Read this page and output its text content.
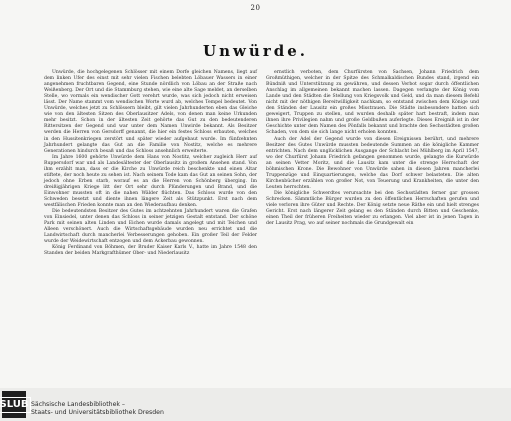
20
Unwürde.

Unwürde, die hochgelegenen Schlösser mit einem Dorfe gleichen Namens, liegt auf dem linken Ufer des einst mit sehr vielen Fischen belebten Löbauer Wassers in einer angenehmen fruchtbaren Gegend, eine Stunde nördlich von Löbau an der Straße nach Weißenberg. Der Ort und die Stammburg stehen, wie eine alte Sage meldet, an derselben Stelle, wo vormals ein wendischer Gott verehrt wurde, was sich jedoch nicht erweisen lässt. Der Name stammt vom wendischen Worte wurd ab, welches Tempel bedeutet. Von Unwürde, welches jetzt zu Schlössern bleibt, gilt vielen Jahrhunderten eben das Gleiche wie von den ältesten Sitzen des Oberlausitzer Adels, von denen man keine Urkunden mehr besitzt. Schon in der ältesten Zeit gehörte das Gut zu den bedeutenderen Rittersitzen der Gegend und war unter dem Namen Unwirde bekannt. Als Besitzer werden die Herren von Gersdorff genannt, die hier ein festes Schloss erbauten, welches in den Hussitenkriegen zerstört und später wieder aufgebaut wurde. Im fünfzehnten Jahrhundert gelangte das Gut an die Familie von Nostitz, welche es mehrere Generationen hindurch besaß und das Schloss ansehnlich erweiterte.

Im Jahre 1600 gehörte Unwürde dem Hans von Nostitz, welcher zugleich Herr auf Ruppersdorf war und als Landesältester der Oberlausitz in großem Ansehen stand. Von ihm erzählt man, dass er die Kirche zu Unwürde reich beschenkte und einen Altar stiftete, der noch heute zu sehen ist. Nach seinem Tode kam das Gut an seinen Sohn, der jedoch ohne Erben starb, worauf es an die Herren von Schönberg überging. Im dreißigjährigen Kriege litt der Ort sehr durch Plünderungen und Brand, und die Einwohner mussten oft in die nahen Wälder flüchten. Das Schloss wurde von den Schweden besetzt und diente ihnen längere Zeit als Stützpunkt. Erst nach dem westfälischen Frieden konnte man an den Wiederaufbau denken.

Die bedeutendsten Besitzer des Gutes im achtzehnten Jahrhundert waren die Grafen von Einsiedel, unter denen das Schloss in seiner jetzigen Gestalt entstand. Der schöne Park mit seinen alten Linden und Eichen wurde damals angelegt und mit Teichen und Alleen verschönert. Auch die Wirtschaftsgebäude wurden neu errichtet und die Landwirtschaft durch mancherlei Verbesserungen gehoben. Ein großer Teil der Felder wurde der Weidewirtschaft entzogen und dem Ackerbau gewonnen.

König Ferdinand von Böhmen, der Bruder Kaiser Karls V., hatte im Jahre 1548 den Standen der beiden Markgrafthümer Ober- und Niederlausitz

ernstlich verboten, dem Churfürsten von Sachsen, Johann Friedrich dem Großmüthigen, welcher in der Spitze des Schmalkaldischen Bundes stand, irgend ein Bündniß und Unterstützung zu gewähren, und dessen Verbot sogar durch öffentlichen Anschlag im allgemeinen bekannt machen lassen. Dagegen verlangte der König vom Lande und den Städten die Stellung von Kriegsvolk und Geld, und da man diesem Befehl nicht mit der nöthigen Bereitwilligkeit nachkam, so entstand zwischen dem Könige und den Ständen der Lausitz ein großes Misstrauen. Die Städte insbesondere hatten sich geweigert, Truppen zu stellen, und wurden deshalb später hart bestraft, indem man ihnen ihre Privilegien nahm und große Geldbußen auferlegte. Dieses Ereigniß ist in der Geschichte unter dem Namen des Pönfalls bekannt und brachte den Sechsstädten großen Schaden, von dem sie sich lange nicht erholen konnten.

Auch der Adel der Gegend wurde von diesen Ereignissen berührt, und mehrere Besitzer des Gutes Unwürde mussten bedeutende Summen an die königliche Kammer entrichten. Nach dem unglücklichen Ausgange der Schlacht bei Mühlberg im April 1547, wo der Churfürst Johann Friedrich gefangen genommen wurde, gelangte die Kurwürde an seinen Vetter Moritz, und die Lausitz kam unter die strenge Herrschaft der böhmischen Krone. Die Bewohner von Unwürde sahen in diesen Jahren mancherlei Truppenzüge und Einquartierungen, welche das Dorf schwer belasteten. Die alten Kirchenbücher erzählen von großer Not, von Teuerung und Krankheiten, die unter den Leuten herrschten.

Die königliche Schwerdtes verursachte bei den Sechsstädten ferner gar grossen Schrecken. Sämmtliche Bürger wurden zu den öffentlichen Herrschaften gerufen und viele verloren ihre Güter und Rechte. Der König setzte neue Räthe ein und hielt strenges Gericht. Erst nach längerer Zeit gelang es den Ständen durch Bitten und Geschenke, einen Theil der früheren Freiheiten wieder zu erlangen. Viel aber ist in jenen Tagen in der Lausitz Prag, wo auf seiner nochmals die Grundgewalt ein

SLUB Sächsische Landesbibliothek –
Staats- und Universitätsbibliothek Dresden
